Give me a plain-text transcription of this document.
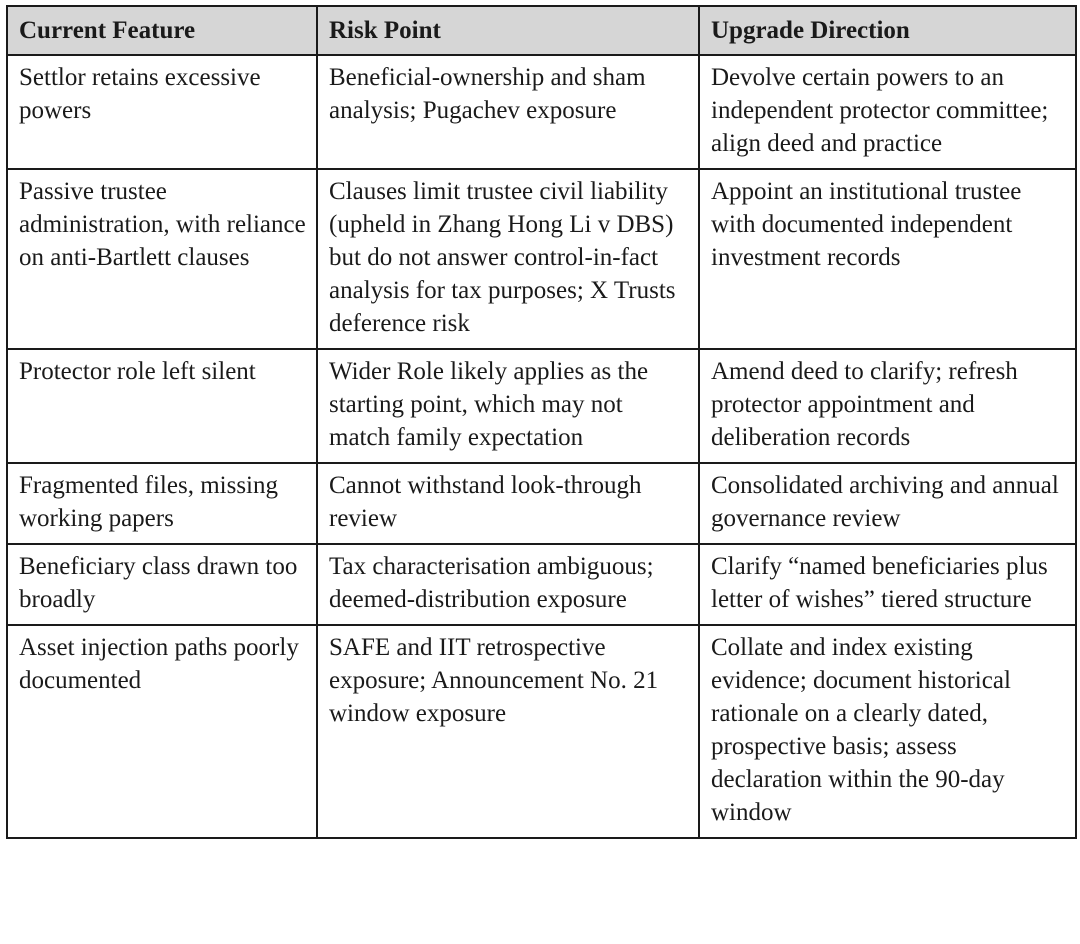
Current Feature	Risk Point	Upgrade Direction
Settlor retains excessive powers	Beneficial-ownership and sham analysis; Pugachev exposure	Devolve certain powers to an independent protector committee; align deed and practice
Passive trustee administration, with reliance on anti-Bartlett clauses	Clauses limit trustee civil liability (upheld in Zhang Hong Li v DBS) but do not answer control-in-fact analysis for tax purposes; X Trusts deference risk	Appoint an institutional trustee with documented independent investment records
Protector role left silent	Wider Role likely applies as the starting point, which may not match family expectation	Amend deed to clarify; refresh protector appointment and deliberation records
Fragmented files, missing working papers	Cannot withstand look-through review	Consolidated archiving and annual governance review
Beneficiary class drawn too broadly	Tax characterisation ambiguous; deemed-distribution exposure	Clarify “named beneficiaries plus letter of wishes” tiered structure
Asset injection paths poorly documented	SAFE and IIT retrospective exposure; Announcement No. 21 window exposure	Collate and index existing evidence; document historical rationale on a clearly dated, prospective basis; assess declaration within the 90-day window
